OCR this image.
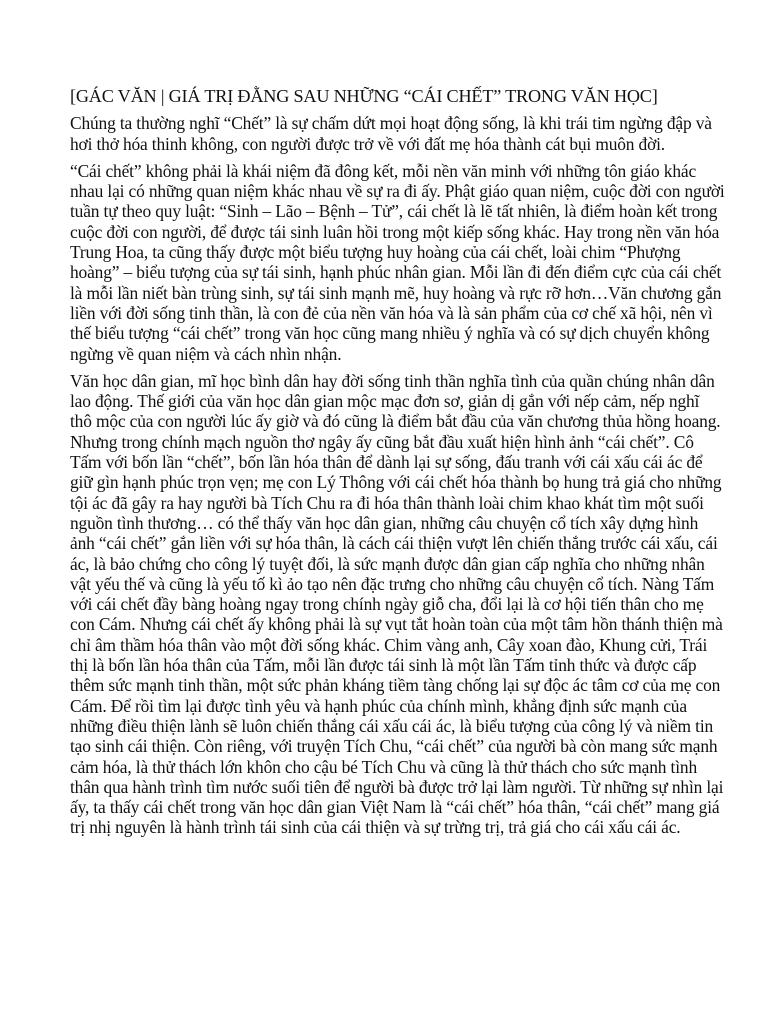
[GÁC VĂN | GIÁ TRỊ ĐẰNG SAU NHỮNG “CÁI CHẾT” TRONG VĂN HỌC]

Chúng ta thường nghĩ “Chết” là sự chấm dứt mọi hoạt động sống, là khi trái tim ngừng đập và hơi thở hóa thinh không, con người được trở về với đất mẹ hóa thành cát bụi muôn đời.

“Cái chết” không phải là khái niệm đã đông kết, mỗi nền văn minh với những tôn giáo khác nhau lại có những quan niệm khác nhau về sự ra đi ấy. Phật giáo quan niệm, cuộc đời con người tuần tự theo quy luật: “Sinh – Lão – Bệnh – Tử”, cái chết là lẽ tất nhiên, là điểm hoàn kết trong cuộc đời con người, để được tái sinh luân hồi trong một kiếp sống khác. Hay trong nền văn hóa Trung Hoa, ta cũng thấy được một biểu tượng huy hoàng của cái chết, loài chim “Phượng hoàng” – biểu tượng của sự tái sinh, hạnh phúc nhân gian. Mỗi lần đi đến điểm cực của cái chết là mỗi lần niết bàn trùng sinh, sự tái sinh mạnh mẽ, huy hoàng và rực rỡ hơn…Văn chương gắn liền với đời sống tinh thần, là con đẻ của nền văn hóa và là sản phẩm của cơ chế xã hội, nên vì thế biểu tượng “cái chết” trong văn học cũng mang nhiều ý nghĩa và có sự dịch chuyển không ngừng về quan niệm và cách nhìn nhận.

Văn học dân gian, mĩ học bình dân hay đời sống tinh thần nghĩa tình của quần chúng nhân dân lao động. Thế giới của văn học dân gian mộc mạc đơn sơ, giản dị gắn với nếp cảm, nếp nghĩ thô mộc của con người lúc ấy giờ và đó cũng là điểm bắt đầu của văn chương thủa hồng hoang. Nhưng trong chính mạch nguồn thơ ngây ấy cũng bắt đầu xuất hiện hình ảnh “cái chết”. Cô Tấm với bốn lần “chết”, bốn lần hóa thân để dành lại sự sống, đấu tranh với cái xấu cái ác để giữ gìn hạnh phúc trọn vẹn; mẹ con Lý Thông với cái chết hóa thành bọ hung trả giá cho những tội ác đã gây ra hay người bà Tích Chu ra đi hóa thân thành loài chim khao khát tìm một suối nguồn tình thương… có thể thấy văn học dân gian, những câu chuyện cổ tích xây dựng hình ảnh “cái chết” gắn liền với sự hóa thân, là cách cái thiện vượt lên chiến thắng trước cái xấu, cái ác, là bảo chứng cho công lý tuyệt đối, là sức mạnh được dân gian cấp nghĩa cho những nhân vật yếu thế và cũng là yếu tố kì ảo tạo nên đặc trưng cho những câu chuyện cổ tích. Nàng Tấm với cái chết đầy bàng hoàng ngay trong chính ngày giỗ cha, đổi lại là cơ hội tiến thân cho mẹ con Cám. Nhưng cái chết ấy không phải là sự vụt tắt hoàn toàn của một tâm hồn thánh thiện mà chỉ âm thầm hóa thân vào một đời sống khác. Chim vàng anh, Cây xoan đào, Khung cửi, Trái thị là bốn lần hóa thân của Tấm, mỗi lần được tái sinh là một lần Tấm tỉnh thức và được cấp thêm sức mạnh tinh thần, một sức phản kháng tiềm tàng chống lại sự độc ác tâm cơ của mẹ con Cám. Để rồi tìm lại được tình yêu và hạnh phúc của chính mình, khẳng định sức mạnh của những điều thiện lành sẽ luôn chiến thắng cái xấu cái ác, là biểu tượng của công lý và niềm tin tạo sinh cái thiện. Còn riêng, với truyện Tích Chu, “cái chết” của người bà còn mang sức mạnh cảm hóa, là thử thách lớn khôn cho cậu bé Tích Chu và cũng là thử thách cho sức mạnh tình thân qua hành trình tìm nước suối tiên để người bà được trở lại làm người. Từ những sự nhìn lại ấy, ta thấy cái chết trong văn học dân gian Việt Nam là “cái chết” hóa thân, “cái chết” mang giá trị nhị nguyên là hành trình tái sinh của cái thiện và sự trừng trị, trả giá cho cái xấu cái ác.
